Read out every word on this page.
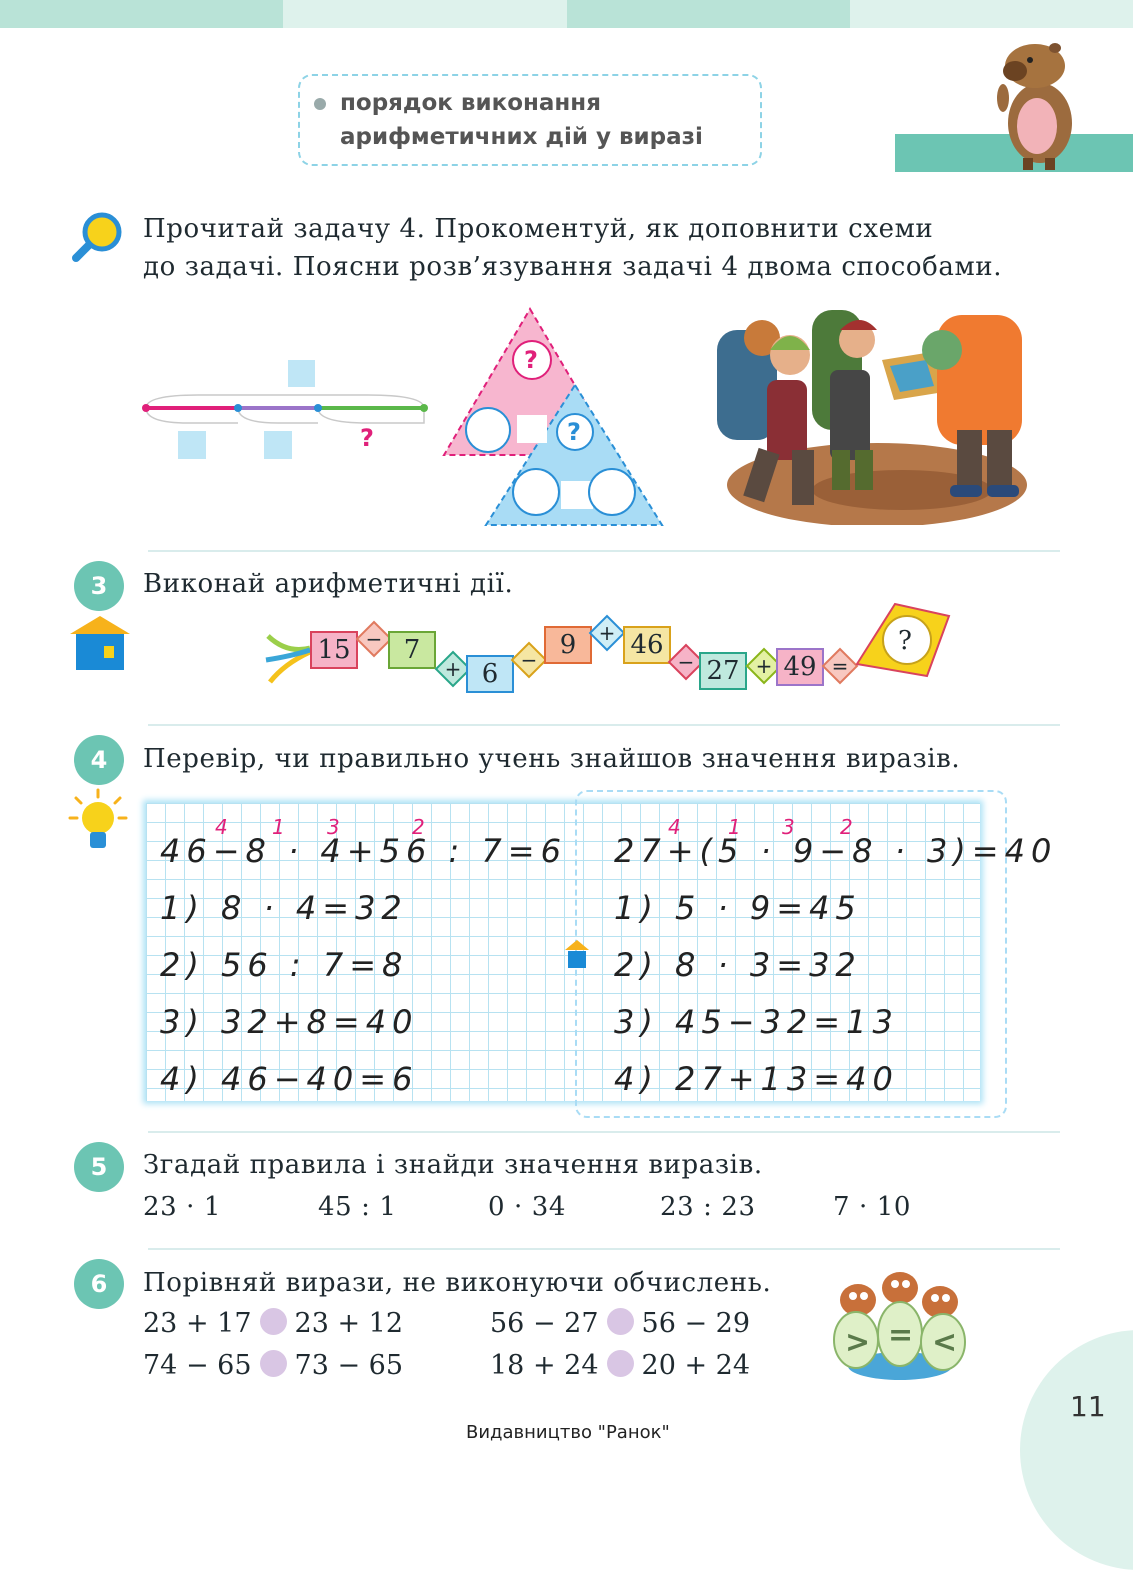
порядок виконання
арифметичних дій у виразі
Прочитай задачу 4. Прокоментуй, як доповнити схеми
до задачі. Поясни розв’язування задачі 4 двома способами.
?
?
?
3	Виконай арифметичні дії.
15 − 7
+ 6	− 9	+ 46
− 27 + 49 =
?
4	Перевір, чи правильно учень знайшов значення виразів.
4 1 3	2
46−8 · 4+56 : 7=6
1) 8 · 4=32
2) 56 : 7=8
3) 32+8=40
4) 46−40=6
4 1 3 2
27+(5 · 9−8 · 3)=40
1) 5 · 9=45
2) 8 · 3=32
3) 45−32=13
4) 27+13=40
5	Згадай правила і знайди значення виразів.
23 · 1	45 : 1	0 · 34	23 : 23	7 · 10
6	Порівняй вирази, не виконуючи обчислень.
23 + 17 23 + 12	56 − 27 56 − 29
74 − 65 73 − 65	18 + 24 20 + 24
> = <
11
Видавництво "Ранок"
